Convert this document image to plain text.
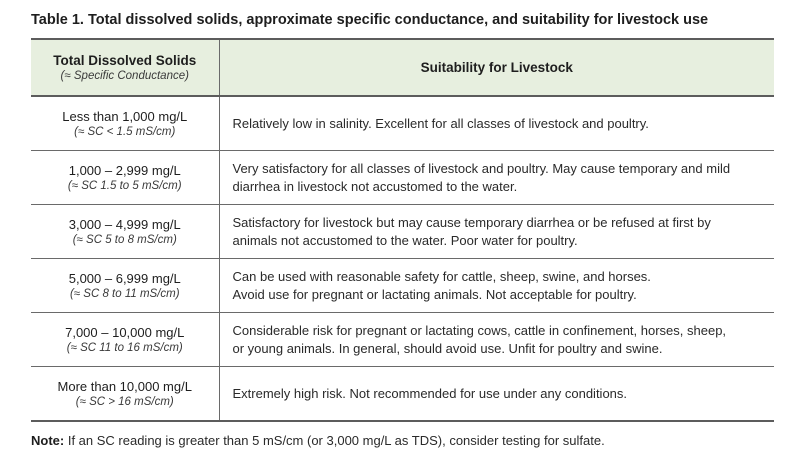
Table 1. Total dissolved solids, approximate specific conductance, and suitability for livestock use
Total Dissolved Solids
(≈ Specific Conductance)	Suitability for Livestock

Less than 1,000 mg/L
(≈ SC < 1.5 mS/cm)	Relatively low in salinity. Excellent for all classes of livestock and poultry.

1,000 – 2,999 mg/L
(≈ SC 1.5 to 5 mS/cm)	Very satisfactory for all classes of livestock and poultry. May cause temporary and mild
diarrhea in livestock not accustomed to the water.

3,000 – 4,999 mg/L
(≈ SC 5 to 8 mS/cm)	Satisfactory for livestock but may cause temporary diarrhea or be refused at first by
animals not accustomed to the water. Poor water for poultry.

5,000 – 6,999 mg/L
(≈ SC 8 to 11 mS/cm)	Can be used with reasonable safety for cattle, sheep, swine, and horses.
Avoid use for pregnant or lactating animals. Not acceptable for poultry.

7,000 – 10,000 mg/L
(≈ SC 11 to 16 mS/cm)	Considerable risk for pregnant or lactating cows, cattle in confinement, horses, sheep,
or young animals. In general, should avoid use. Unfit for poultry and swine.

More than 10,000 mg/L
(≈ SC > 16 mS/cm)	Extremely high risk. Not recommended for use under any conditions.
Note: If an SC reading is greater than 5 mS/cm (or 3,000 mg/L as TDS), consider testing for sulfate.
